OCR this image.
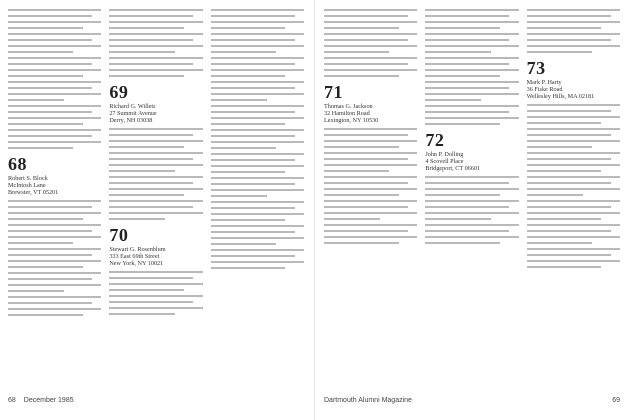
68
Robert S. Block
McIntosh Lane
Brewster, VT 05201
69
Richard G. Willets
27 Summit Avenue
Derry, NH 03038
70
Stewart G. Rosenblum
333 East 69th Street
New York, NY 10021
68 December 1985
71
Thomas G. Jackson
32 Hamilton Road
Lexington, NY 10530
72
John P. Dolling
4 Scovell Place
Bridgeport, CT 06601
73
Mark P. Harty
36 Fiske Road
Wellesley Hills, MA 02181
Dartmouth Alumni Magazine	69
